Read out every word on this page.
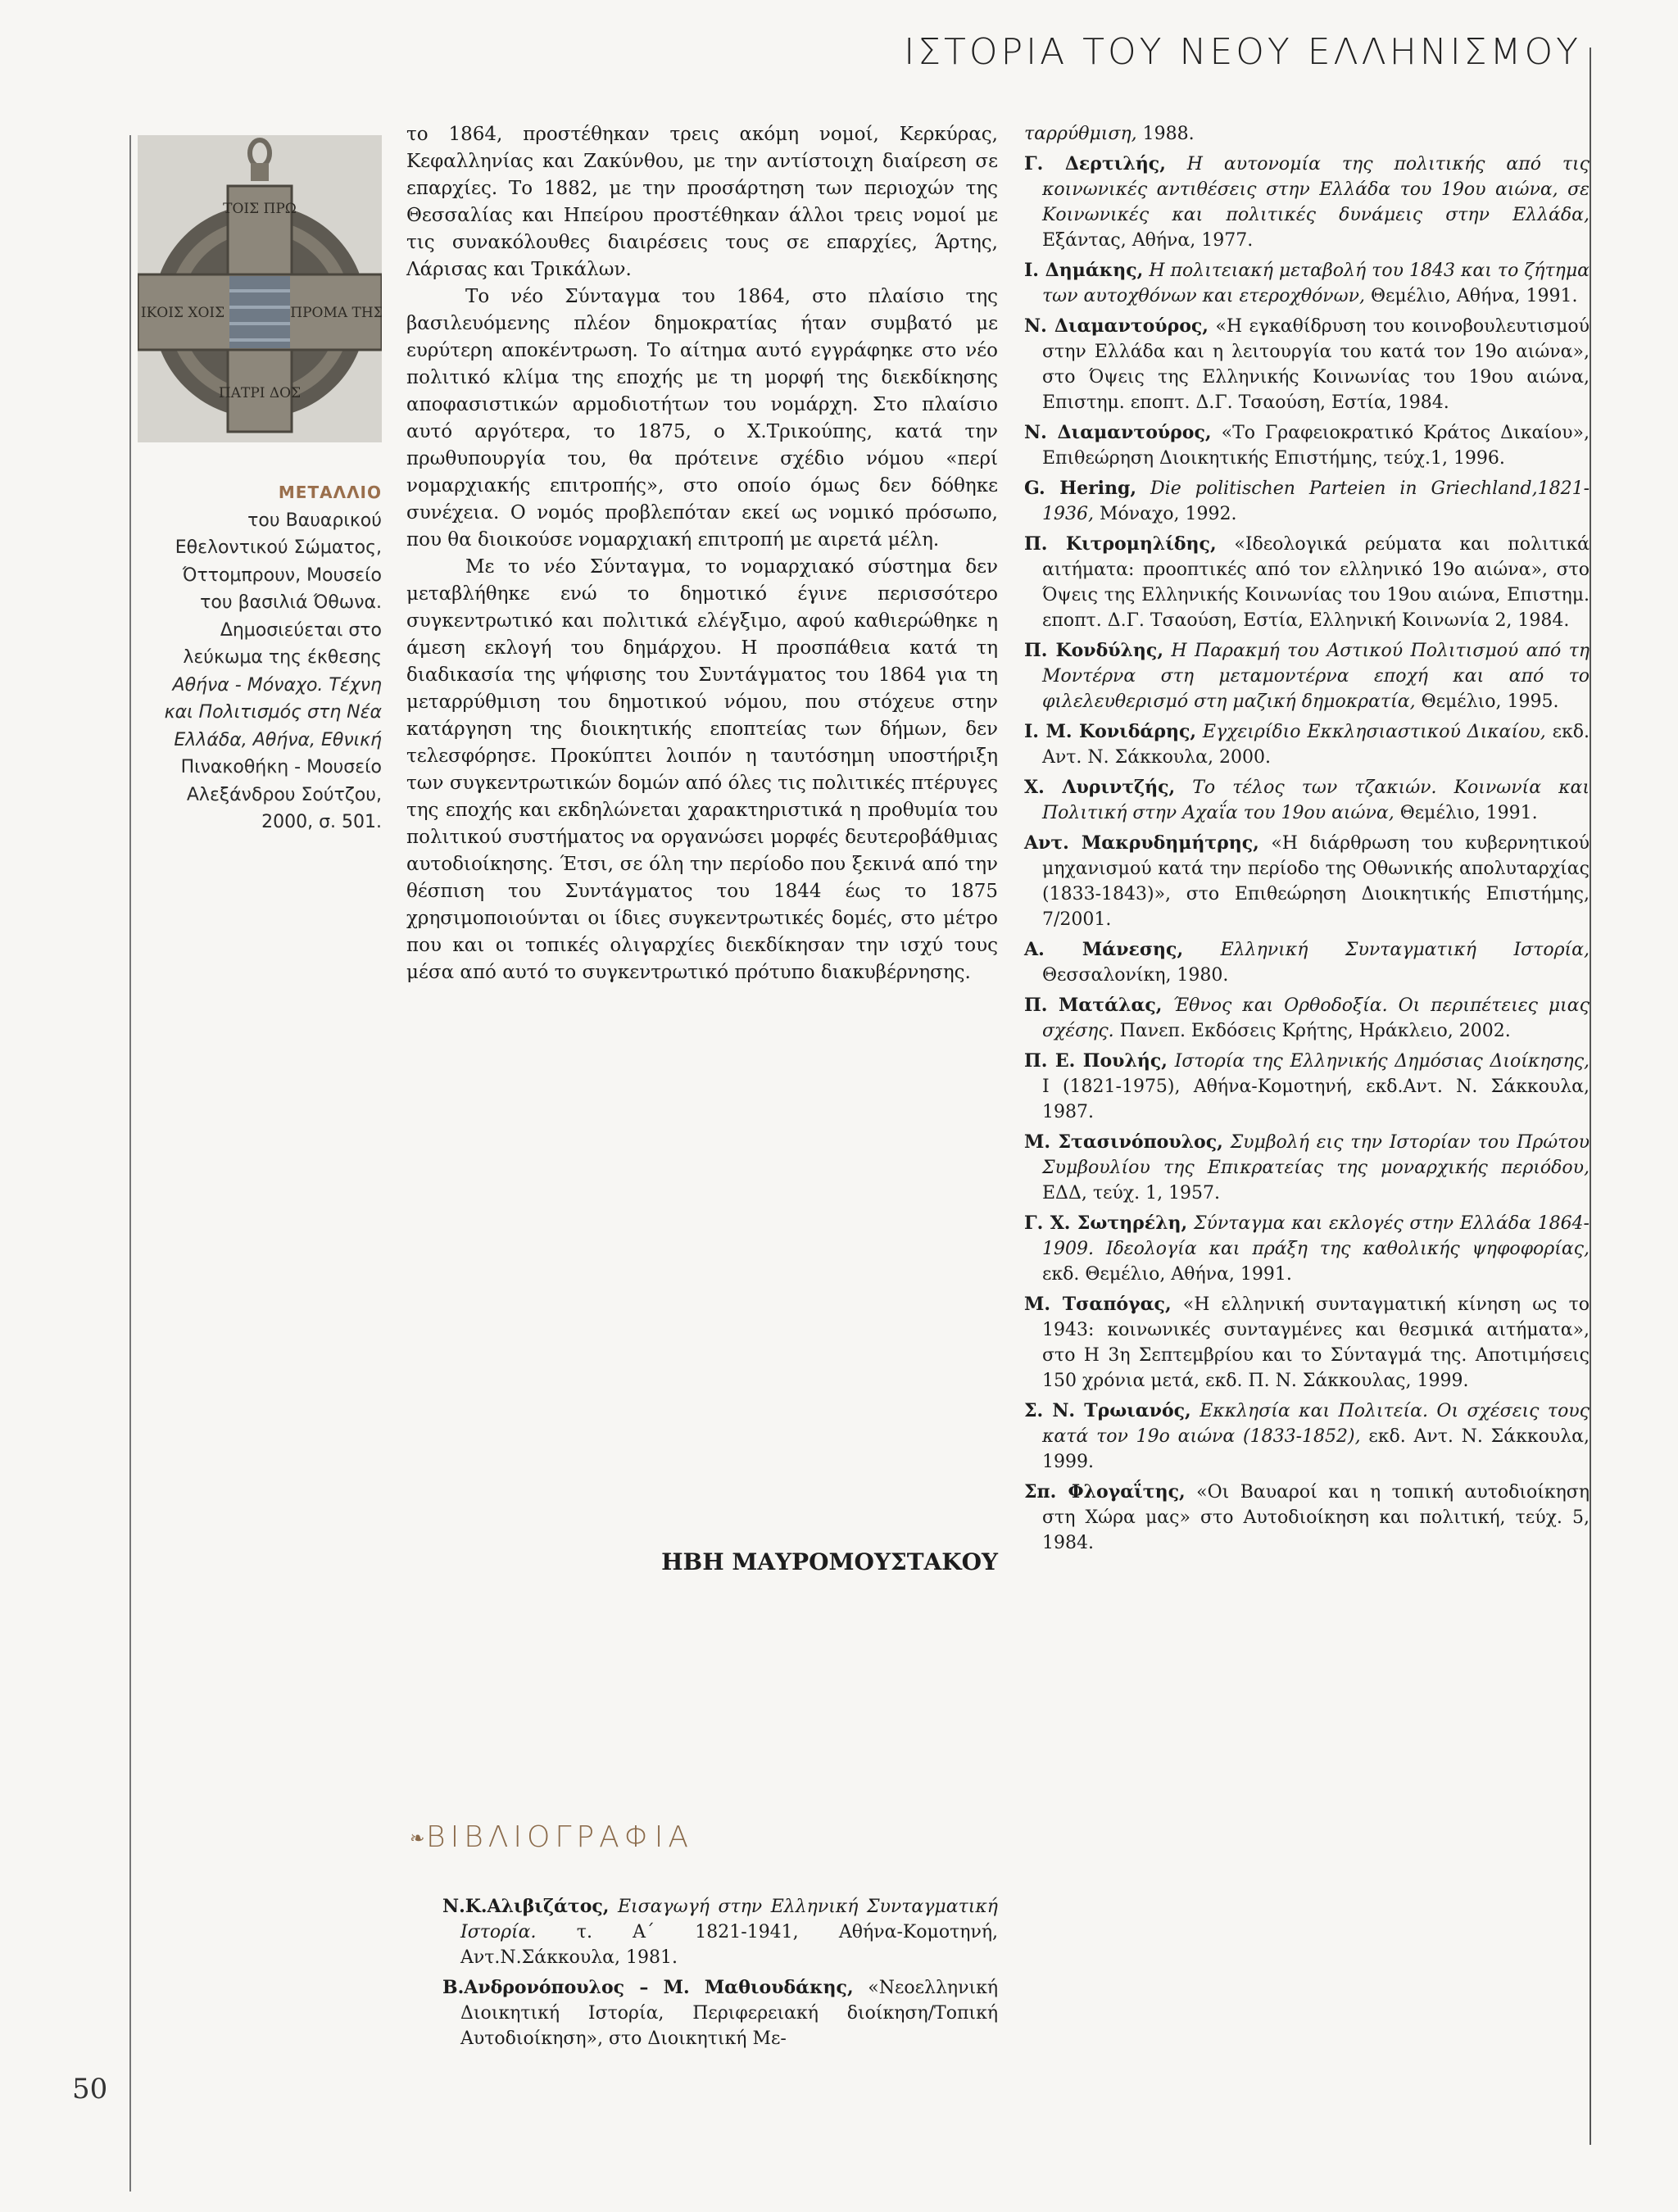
ΙΣΤΟΡΙΑ ΤΟΥ ΝΕΟΥ ΕΛΛΗΝΙΣΜΟΥ
50
ΤΟΙΣ ΠΡΩ
ΙΚΟΙΣ ΧΟΙΣ	ΠΡΟΜΑ ΤΗΣ
ΠΑΤΡΙ ΔΟΣ
ΜΕΤΑΛΛΙΟ
του Βαυαρικού
Εθελοντικού Σώματος,
Όττομπρουν, Μουσείο
του βασιλιά Όθωνα.
Δημοσιεύεται στο
λεύκωμα της έκθεσης
Αθήνα - Μόναχο. Τέχνη
και Πολιτισμός στη Νέα
Ελλάδα, Αθήνα, Εθνική
Πινακοθήκη - Μουσείο
Αλεξάνδρου Σούτζου,
2000, σ. 501.

το 1864, προστέθηκαν τρεις ακόμη νομοί, Κερκύρας, Κεφαλληνίας και Ζακύνθου, με την αντίστοιχη διαίρεση σε επαρχίες. Το 1882, με την προσάρτηση των περιοχών της Θεσσαλίας και Ηπείρου προστέθηκαν άλλοι τρεις νομοί με τις συνακόλουθες διαιρέσεις τους σε επαρχίες, Άρτης, Λάρισας και Τρικάλων.

Το νέο Σύνταγμα του 1864, στο πλαίσιο της βασιλευόμενης πλέον δημοκρατίας ήταν συμβατό με ευρύτερη αποκέντρωση. Το αίτημα αυτό εγγράφηκε στο νέο πολιτικό κλίμα της εποχής με τη μορφή της διεκδίκησης αποφασιστικών αρμοδιοτήτων του νομάρχη. Στο πλαίσιο αυτό αργότερα, το 1875, ο Χ.Τρικούπης, κατά την πρωθυπουργία του, θα πρότεινε σχέδιο νόμου «περί νομαρχιακής επιτροπής», στο οποίο όμως δεν δόθηκε συνέχεια. Ο νομός προβλεπόταν εκεί ως νομικό πρόσωπο, που θα διοικούσε νομαρχιακή επιτροπή με αιρετά μέλη.

Με το νέο Σύνταγμα, το νομαρχιακό σύστημα δεν μεταβλήθηκε ενώ το δημοτικό έγινε περισσότερο συγκεντρωτικό και πολιτικά ελέγξιμο, αφού καθιερώθηκε η άμεση εκλογή του δημάρχου. Η προσπάθεια κατά τη διαδικασία της ψήφισης του Συντάγματος του 1864 για τη μεταρρύθμιση του δημοτικού νόμου, που στόχευε στην κατάργηση της διοικητικής εποπτείας των δήμων, δεν τελεσφόρησε. Προκύπτει λοιπόν η ταυτόσημη υποστήριξη των συγκεντρωτικών δομών από όλες τις πολιτικές πτέρυγες της εποχής και εκδηλώνεται χαρακτηριστικά η προθυμία του πολιτικού συστήματος να οργανώσει μορφές δευτεροβάθμιας αυτοδιοίκησης. Έτσι, σε όλη την περίοδο που ξεκινά από την θέσπιση του Συντάγματος του 1844 έως το 1875 χρησιμοποιούνται οι ίδιες συγκεντρωτικές δομές, στο μέτρο που και οι τοπικές ολιγαρχίες διεκδίκησαν την ισχύ τους μέσα από αυτό το συγκεντρωτικό πρότυπο διακυβέρνησης.

ΗΒΗ ΜΑΥΡΟΜΟΥΣΤΑΚΟΥ
❧ ΒΙΒΛΙΟΓΡΑΦΙΑ

Ν.Κ.Αλιβιζάτος, Εισαγωγή στην Ελληνική Συνταγματική Ιστορία. τ. Α΄ 1821-1941, Αθήνα-Κομοτηνή, Αντ.Ν.Σάκκουλα, 1981.

Β.Ανδρονόπουλος – Μ. Μαθιουδάκης, «Νεοελληνική Διοικητική Ιστορία, Περιφερειακή διοίκηση/Τοπική Αυτοδιοίκηση», στο Διοικητική Με-

ταρρύθμιση, 1988.

Γ. Δερτιλής, Η αυτονομία της πολιτικής από τις κοινωνικές αντιθέσεις στην Ελλάδα του 19ου αιώνα, σε Κοινωνικές και πολιτικές δυνάμεις στην Ελλάδα, Εξάντας, Αθήνα, 1977.

Ι. Δημάκης, Η πολιτειακή μεταβολή του 1843 και το ζήτημα των αυτοχθόνων και ετεροχθόνων, Θεμέλιο, Αθήνα, 1991.

Ν. Διαμαντούρος, «Η εγκαθίδρυση του κοινοβουλευτισμού στην Ελλάδα και η λειτουργία του κατά τον 19ο αιώνα», στο Όψεις της Ελληνικής Κοινωνίας του 19ου αιώνα, Επιστημ. εποπτ. Δ.Γ. Τσαούση, Εστία, 1984.

Ν. Διαμαντούρος, «Το Γραφειοκρατικό Κράτος Δικαίου», Επιθεώρηση Διοικητικής Επιστήμης, τεύχ.1, 1996.

G. Hering, Die politischen Parteien in Griechland,1821-1936, Μόναχο, 1992.

Π. Κιτρομηλίδης, «Ιδεολογικά ρεύματα και πολιτικά αιτήματα: προοπτικές από τον ελληνικό 19ο αιώνα», στο Όψεις της Ελληνικής Κοινωνίας του 19ου αιώνα, Επιστημ. εποπτ. Δ.Γ. Τσαούση, Εστία, Ελληνική Κοινωνία 2, 1984.

Π. Κονδύλης, Η Παρακμή του Αστικού Πολιτισμού από τη Μοντέρνα στη μεταμοντέρνα εποχή και από το φιλελευθερισμό στη μαζική δημοκρατία, Θεμέλιο, 1995.

Ι. Μ. Κονιδάρης, Εγχειρίδιο Εκκλησιαστικού Δικαίου, εκδ. Αντ. Ν. Σάκκουλα, 2000.

Χ. Λυριντζής, Το τέλος των τζακιών. Κοινωνία και Πολιτική στην Αχαΐα του 19ου αιώνα, Θεμέλιο, 1991.

Αντ. Μακρυδημήτρης, «Η διάρθρωση του κυβερνητικού μηχανισμού κατά την περίοδο της Οθωνικής απολυταρχίας (1833-1843)», στο Επιθεώρηση Διοικητικής Επιστήμης, 7/2001.

Α. Μάνεσης, Ελληνική Συνταγματική Ιστορία, Θεσσαλονίκη, 1980.

Π. Ματάλας, Έθνος και Ορθοδοξία. Οι περιπέτειες μιας σχέσης. Πανεπ. Εκδόσεις Κρήτης, Ηράκλειο, 2002.

Π. Ε. Πουλής, Ιστορία της Ελληνικής Δημόσιας Διοίκησης, Ι (1821-1975), Αθήνα-Κομοτηνή, εκδ.Αντ. Ν. Σάκκουλα, 1987.

Μ. Στασινόπουλος, Συμβολή εις την Ιστορίαν του Πρώτου Συμβουλίου της Επικρατείας της μοναρχικής περιόδου, ΕΔΔ, τεύχ. 1, 1957.

Γ. Χ. Σωτηρέλη, Σύνταγμα και εκλογές στην Ελλάδα 1864-1909. Ιδεολογία και πράξη της καθολικής ψηφοφορίας, εκδ. Θεμέλιο, Αθήνα, 1991.

Μ. Τσαπόγας, «Η ελληνική συνταγματική κίνηση ως το 1943: κοινωνικές συνταγμένες και θεσμικά αιτήματα», στο Η 3η Σεπτεμβρίου και το Σύνταγμά της. Αποτιμήσεις 150 χρόνια μετά, εκδ. Π. Ν. Σάκκουλας, 1999.

Σ. Ν. Τρωιανός, Εκκλησία και Πολιτεία. Οι σχέσεις τους κατά τον 19ο αιώνα (1833-1852), εκδ. Αντ. Ν. Σάκκουλα, 1999.

Σπ. Φλογαΐτης, «Οι Βαυαροί και η τοπική αυτοδιοίκηση στη Χώρα μας» στο Αυτοδιοίκηση και πολιτική, τεύχ. 5, 1984.
